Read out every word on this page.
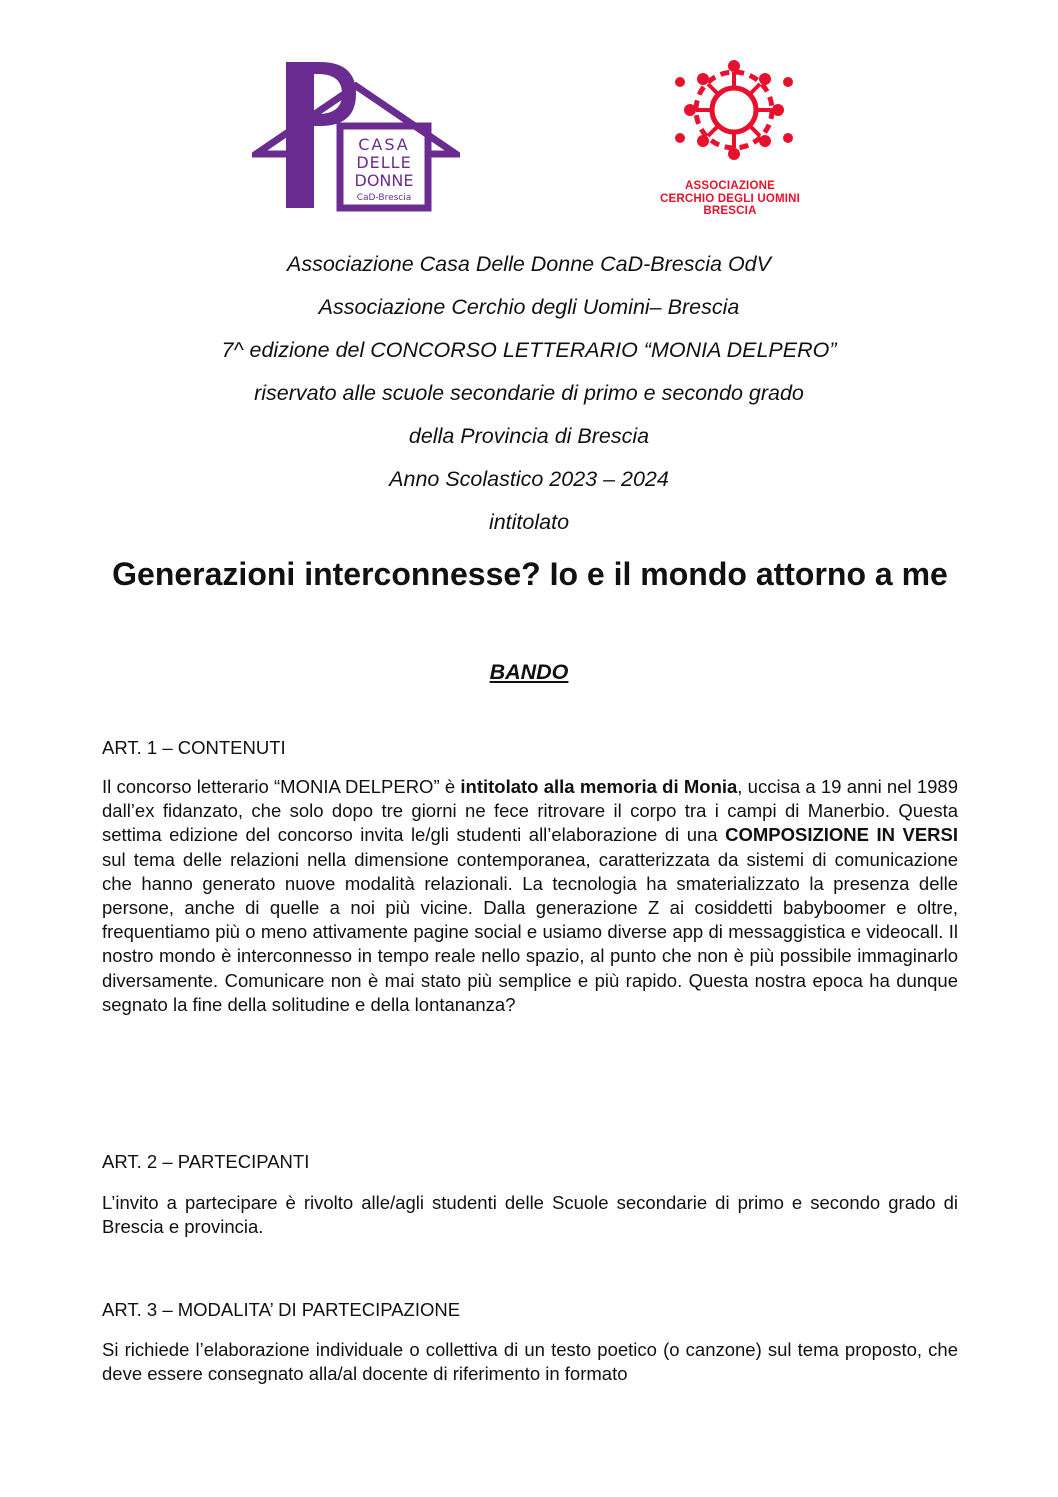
CASA
DELLE
DONNE
CaD-Brescia
ASSOCIAZIONE
CERCHIO DEGLI UOMINI
BRESCIA
Associazione Casa Delle Donne CaD-Brescia OdV
Associazione Cerchio degli Uomini– Brescia
7^ edizione del CONCORSO LETTERARIO “MONIA DELPERO”
riservato alle scuole secondarie di primo e secondo grado
della Provincia di Brescia
Anno Scolastico 2023 – 2024
intitolato
Generazioni interconnesse? Io e il mondo attorno a me
BANDO
ART. 1 – CONTENUTI
Il concorso letterario “MONIA DELPERO” è intitolato alla memoria di Monia, uccisa a 19 anni nel 1989 dall’ex fidanzato, che solo dopo tre giorni ne fece ritrovare il corpo tra i campi di Manerbio. Questa settima edizione del concorso invita le/gli studenti all’elaborazione di una COMPOSIZIONE IN VERSI sul tema delle relazioni nella dimensione contemporanea, caratterizzata da sistemi di comunicazione che hanno generato nuove modalità relazionali. La tecnologia ha smaterializzato la presenza delle persone, anche di quelle a noi più vicine. Dalla generazione Z ai cosiddetti babyboomer e oltre, frequentiamo più o meno attivamente pagine social e usiamo diverse app di messaggistica e videocall. Il nostro mondo è interconnesso in tempo reale nello spazio, al punto che non è più possibile immaginarlo diversamente. Comunicare non è mai stato più semplice e più rapido. Questa nostra epoca ha dunque segnato la fine della solitudine e della lontananza?
ART. 2 – PARTECIPANTI
L’invito a partecipare è rivolto alle/agli studenti delle Scuole secondarie di primo e secondo grado di Brescia e provincia.
ART. 3 – MODALITA’ DI PARTECIPAZIONE
Si richiede l’elaborazione individuale o collettiva di un testo poetico (o canzone) sul tema proposto, che deve essere consegnato alla/al docente di riferimento in formato
